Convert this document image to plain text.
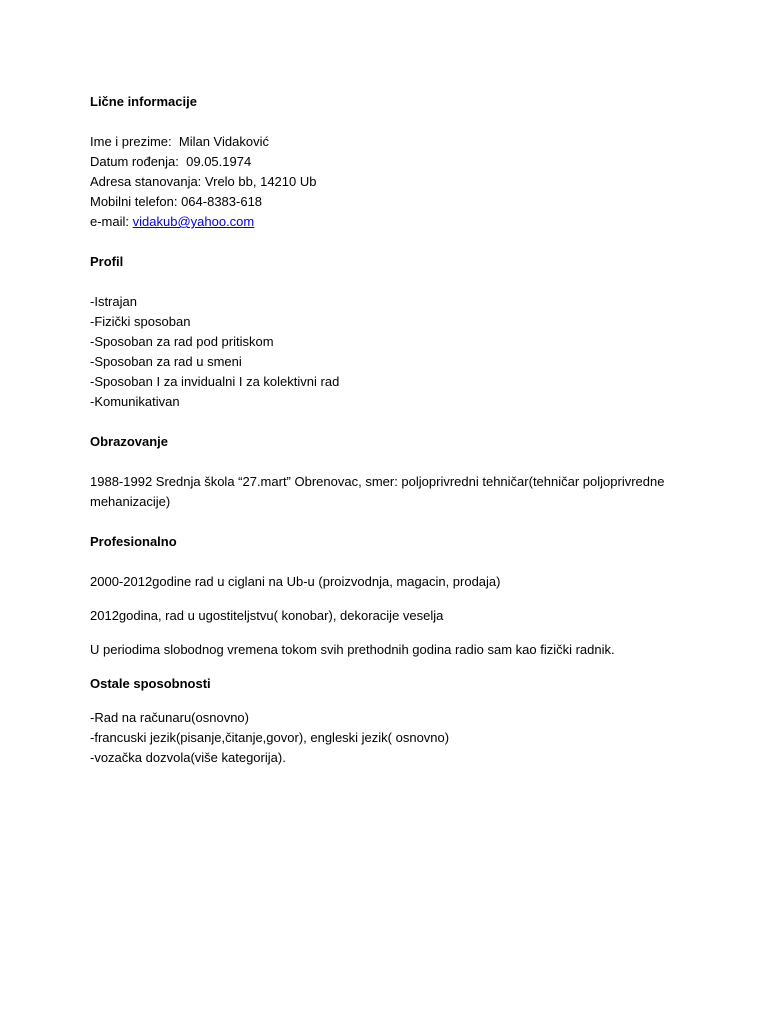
Lične informacije
Ime i prezime: Milan Vidaković
Datum rođenja: 09.05.1974
Adresa stanovanja: Vrelo bb, 14210 Ub
Mobilni telefon: 064-8383-618
e-mail: vidakub@yahoo.com
Profil
-Istrajan
-Fizički sposoban
-Sposoban za rad pod pritiskom
-Sposoban za rad u smeni
-Sposoban I za invidualni I za kolektivni rad
-Komunikativan
Obrazovanje
1988-1992 Srednja škola “27.mart” Obrenovac, smer: poljoprivredni tehničar(tehničar poljoprivredne mehanizacije)
Profesionalno
2000-2012godine rad u ciglani na Ub-u (proizvodnja, magacin, prodaja)
2012godina, rad u ugostiteljstvu( konobar), dekoracije veselja
U periodima slobodnog vremena tokom svih prethodnih godina radio sam kao fizički radnik.
Ostale sposobnosti
-Rad na računaru(osnovno)
-francuski jezik(pisanje,čitanje,govor), engleski jezik( osnovno)
-vozačka dozvola(više kategorija).
